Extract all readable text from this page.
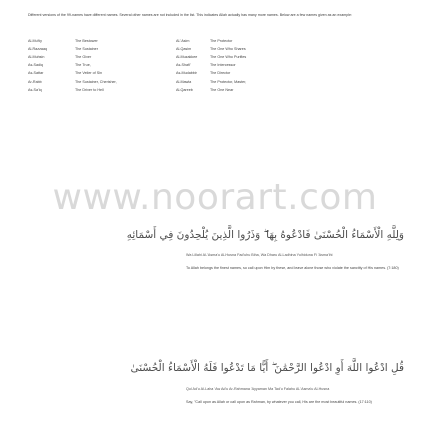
Different versions of the 99-names have different names. Several other names are not included in the list. This indicates Allah actually has many more names. Below are a few names given as an example:
Al-Mu'tiy	The Bestower	Al-'Asim	The Protector
Al-Razzaaq	The Sustainer	Al-Qasim	The One Who Shares
Al-Muhsin	The Giver	Al-Muzakkee	The One Who Purifies
As-Sadiq	The True,	As-Shafi'	The Intercessor
As-Sattar	The Veiler of Sin	As-Mudabbir	The Director
Ar-Rabb	The Sustainer, Cherisher,	Al-Mawla	The Protector, Master,
As-Sa'iq	The Driver to Hell	Al-Qareeb	The One Near
www.noorart.com
وَلِلَّهِ الْأَسْمَاءُ الْحُسْنَىٰ فَادْعُوهُ بِهَا ۖ وَذَرُوا الَّذِينَ يُلْحِدُونَ فِي أَسْمَائِهِ
Wa Lillahi Al-'Asma'u Al-Husna Fad'uhu Biha, Wa Dharu Al-Ladhina Yulhiduna Fi 'Asma'ihi
To Allah belongs the finest names, so call upon Him by these, and leave alone those who violate the sanctity of His names. (7:180)
قُلِ ادْعُوا اللَّهَ أَوِ ادْعُوا الرَّحْمَٰنَ ۖ أَيًّا مَا تَدْعُوا فَلَهُ الْأَسْمَاءُ الْحُسْنَىٰ
Qul Ad'u Al-Laha 'Aw Ad'u Ar-Rahmana 'Ayyaman Ma Tad'u Falahu Al-'Asma'u Al-Husna
Say, "Call upon as Allah or call upon as Rahman, by whatever you call, His are the most beautiful names. (17:110)
